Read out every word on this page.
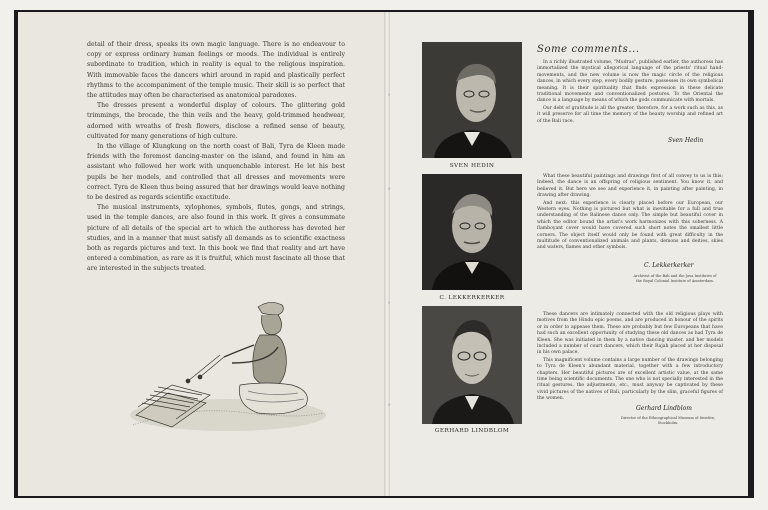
detail of their dress, speaks its own magic language. There is no endeavour to copy or express ordinary human feelings or moods. The individual is entirely subordinate to tradition, which in reality is equal to the religious inspiration. With immovable faces the dancers whirl around in rapid and plastically perfect rhythms to the accompaniment of the temple music. Their skill is so perfect that the attitudes may often be characterised as anatomical paradoxes.

The dresses present a wonderful display of colours. The glittering gold trimmings, the brocade, the thin veils and the heavy, gold-trimmed headwear, adorned with wreaths of fresh flowers, disclose a refined sense of beauty, cultivated for many generations of high culture.

In the village of Klungkung on the north coast of Bali, Tyra de Kleen made friends with the foremost dancing-master on the island, and found in him an assistant who followed her work with unquenchable interest. He let his best pupils be her models, and controlled that all dresses and movements were correct. Tyra de Kleen thus being assured that her drawings would leave nothing to be desired as regards scientific exactitude.

The musical instruments, xylophones, symbols, flutes, gongs, and strings, used in the temple dances, are also found in this work. It gives a consummate picture of all details of the special art to which the authoress has devoted her studies, and in a manner that must satisfy all demands as to scientific exactness both as regards pictures and text. In this book we find that reality and art have entered a combination, as rare as it is fruitful, which must fascinate all those that are interested in the subjects treated.

SVEN HEDIN
C. LEKKERKERKER
GERHARD LINDBLOM
Some comments...

In a richly illustrated volume, "Mudras", published earlier, the authoress has immortalized the mystical allegorical language of the priests' ritual hand-movements, and the new volume is now the magic circle of the religious dances, in which every step, every bodily gesture, possesses its own symbolical meaning. It is their spirituality that finds expression in these delicate traditional movements and conventionalized postures. To the Oriental the dance is a language by means of which the gods communicate with mortals.

Our debt of gratitude is all the greater, therefore, for a work such as this, as it will preserve for all time the memory of the beauty worship and refined art of the Bali race.

Sven Hedin

What these beautiful paintings and drawings first of all convey to us is this: Indeed, the dance is an offspring of religious sentiment. You know it, and believed it. But here we see and experience it, in painting after painting, in drawing after drawing.

And next: this experience is clearly placed before our European, our Western eyes. Nothing is pictured but what is inevitable for a full and true understanding of the Balinese dance only. The simple but beautiful cover in which the editor bound the artist's work harmonizes with this soberness. A flamboyant cover would have covered such short notes the smallest little corners. The object itself would only be found with great difficulty in the multitude of conventionalized animals and plants, demons and deities, skies and waters, flames and other symbols.

C. Lekkerkerker
Archivist of the Bali and the Java Institutes of the Royal Colonial Institute of Amsterdam.

These dancers are intimately connected with the old religious plays with motives from the Hindu epic poems, and are produced in honour of the spirits or in order to appease them. These are probably but few Europeans that have had such an excellent opportunity of studying these old dances as had Tyra de Kleen. She was initiated in them by a native dancing master, and her models included a number of court dancers, which their Rajah placed at her disposal in his own palace.

This magnificent volume contains a large number of the drawings belonging to Tyra de Kleen's abundant material, together with a few introductory chapters. Her beautiful pictures are of excellent artistic value, at the same time being scientific documents. The one who is not specially interested in the ritual gestures, the adjustments, etc., must anyway be captivated by these vivid pictures of the natives of Bali, particularly by the slim, graceful figures of the women.

Gerhard Lindblom
Director of the Ethnographical Museum of Sweden, Stockholm.
›
›
›
›
